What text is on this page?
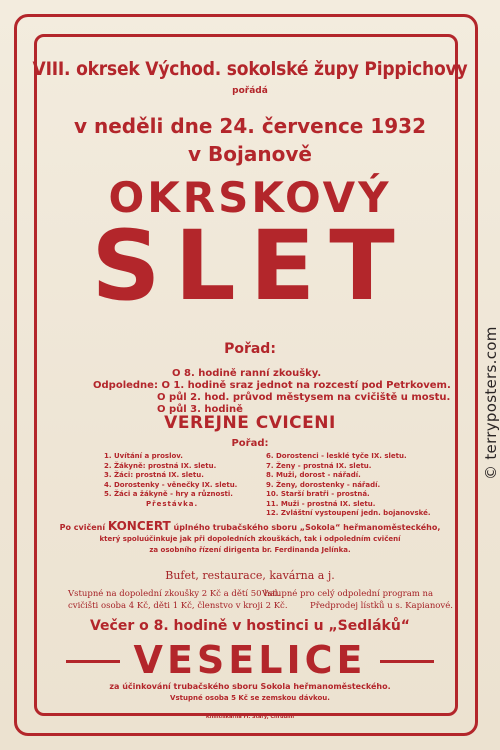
VIII. okrsek Východ. sokolské župy Pippichovy
pořádá
v neděli dne 24. července 1932
v Bojanově
OKRSKOVÝ
SLET
Pořad:
O 8. hodině ranní zkoušky.
Odpoledne: O 1. hodině sraz jednot na rozcestí pod Petrkovem.
O půl 2. hod. průvod městysem na cvičiště u mostu.
O půl 3. hodině
VEREJNE CVICENI
Pořad:
1. Uvítání a proslov.
2. Žákyně: prostná IX. sletu.
3. Žáci: prostná IX. sletu.
4. Dorostenky - věnečky IX. sletu.
5. Žáci a žákyně - hry a různosti.
6. Dorostenci - lesklé tyče IX. sletu.
7. Ženy - prostná IX. sletu.
8. Muži, dorost - nářadí.
9. Ženy, dorostenky - nářadí.
10. Starší bratři - prostná.
11. Muži - prostná IX. sletu.
12. Zvláštní vystoupení jedn. bojanovské.
Přestávka.
Po cvičení KONCERT úplného trubačského sboru „Sokola“ heřmanoměsteckého,
který spoluúčinkuje jak při dopoledních zkouškách, tak i odpoledním cvičení
za osobního řízení dirigenta br. Ferdinanda Jelínka.
Bufet, restaurace, kavárna a j.
Vstupné na dopolední zkoušky 2 Kč a dětí 50 hal.
cvičišti osoba 4 Kč, děti 1 Kč, členstvo v kroji 2 Kč.
Vstupné pro celý odpolední program na
Předprodej lístků u s. Kapianové.
Večer o 8. hodině v hostinci u „Sedláků“
VESELICE
za účinkování trubačského sboru Sokola heřmanoměsteckého.
Vstupné osoba 5 Kč se zemskou dávkou.
Knihtiskárna Fr. Starý, Chrudim
© terryposters.com
